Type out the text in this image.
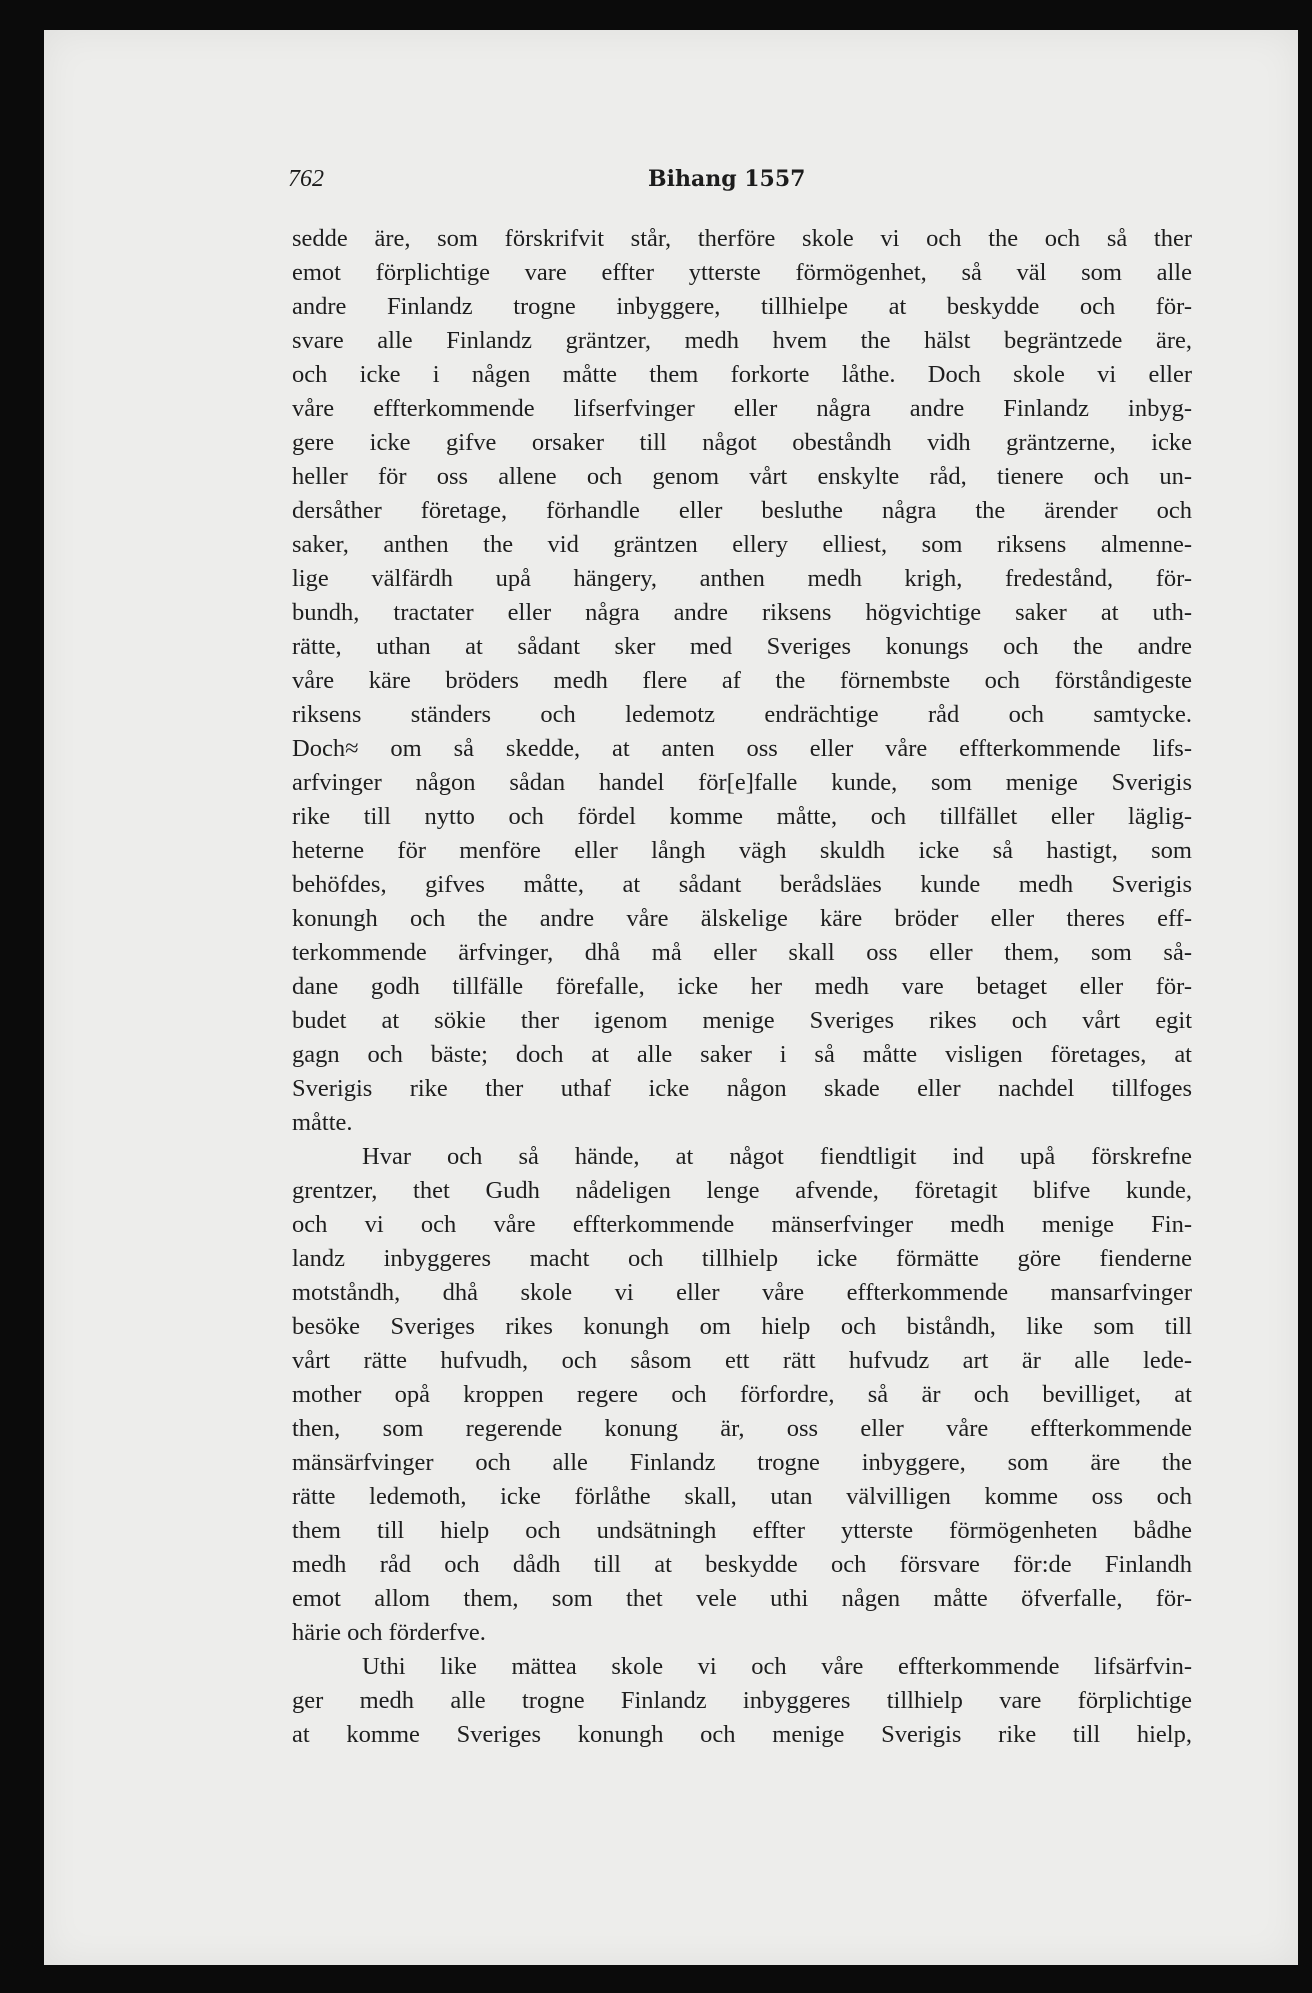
762	Bihang 1557
sedde äre, som förskrifvit står, therföre skole vi och the och så ther
emot förplichtige vare effter ytterste förmögenhet, så väl som alle
andre Finlandz trogne inbyggere, tillhielpe at beskydde och för-
svare alle Finlandz gräntzer, medh hvem the hälst begräntzede äre,
och icke i någen måtte them forkorte låthe. Doch skole vi eller
våre effterkommende lifserfvinger eller några andre Finlandz inbyg-
gere icke gifve orsaker till något obeståndh vidh gräntzerne, icke
heller för oss allene och genom vårt enskylte råd, tienere och un-
dersåther företage, förhandle eller besluthe några the ärender och
saker, anthen the vid gräntzen ellery elliest, som riksens almenne-
lige välfärdh upå hängery, anthen medh krigh, fredestånd, för-
bundh, tractater eller några andre riksens högvichtige saker at uth-
rätte, uthan at sådant sker med Sveriges konungs och the andre
våre käre bröders medh flere af the förnembste och förståndigeste
riksens ständers och ledemotz endrächtige råd och samtycke.
Doch≈ om så skedde, at anten oss eller våre effterkommende lifs-
arfvinger någon sådan handel för[e]falle kunde, som menige Sverigis
rike till nytto och fördel komme måtte, och tillfället eller läglig-
heterne för menföre eller långh vägh skuldh icke så hastigt, som
behöfdes, gifves måtte, at sådant berådsläes kunde medh Sverigis
konungh och the andre våre älskelige käre bröder eller theres eff-
terkommende ärfvinger, dhå må eller skall oss eller them, som så-
dane godh tillfälle förefalle, icke her medh vare betaget eller för-
budet at sökie ther igenom menige Sveriges rikes och vårt egit
gagn och bäste; doch at alle saker i så måtte visligen företages, at
Sverigis rike ther uthaf icke någon skade eller nachdel tillfoges
måtte.
Hvar och så hände, at något fiendtligit ind upå förskrefne
grentzer, thet Gudh nådeligen lenge afvende, företagit blifve kunde,
och vi och våre effterkommende mänserfvinger medh menige Fin-
landz inbyggeres macht och tillhielp icke förmätte göre fienderne
motståndh, dhå skole vi eller våre effterkommende mansarfvinger
besöke Sveriges rikes konungh om hielp och biståndh, like som till
vårt rätte hufvudh, och såsom ett rätt hufvudz art är alle lede-
mother opå kroppen regere och förfordre, så är och bevilliget, at
then, som regerende konung är, oss eller våre effterkommende
mänsärfvinger och alle Finlandz trogne inbyggere, som äre the
rätte ledemoth, icke förlåthe skall, utan välvilligen komme oss och
them till hielp och undsätningh effter ytterste förmögenheten bådhe
medh råd och dådh till at beskydde och försvare för:de Finlandh
emot allom them, som thet vele uthi någen måtte öfverfalle, för-
härie och förderfve.
Uthi like mättea skole vi och våre effterkommende lifsärfvin-
ger medh alle trogne Finlandz inbyggeres tillhielp vare förplichtige
at komme Sveriges konungh och menige Sverigis rike till hielp,
